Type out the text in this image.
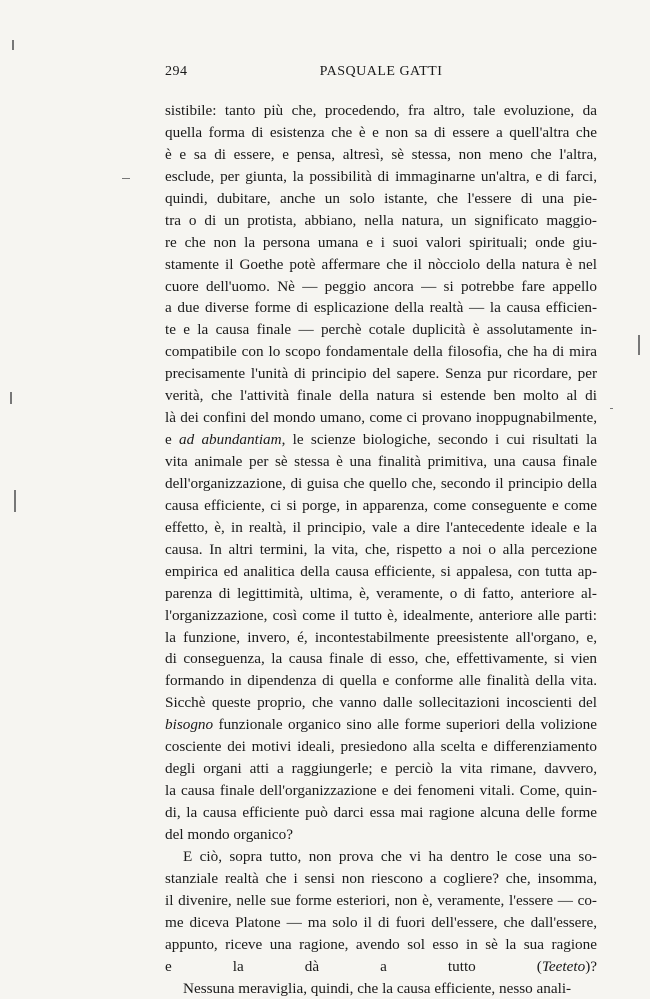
294	PASQUALE GATTI
sistibile: tanto più che, procedendo, fra altro, tale evoluzione, da
quella forma di esistenza che è e non sa di essere a quell'altra che
è e sa di essere, e pensa, altresì, sè stessa, non meno che l'altra,
esclude, per giunta, la possibilità di immaginarne un'altra, e di farci,
quindi, dubitare, anche un solo istante, che l'essere di una pie-
tra o di un protista, abbiano, nella natura, un significato maggio-
re che non la persona umana e i suoi valori spirituali; onde giu-
stamente il Goethe potè affermare che il nòcciolo della natura è nel
cuore dell'uomo. Nè — peggio ancora — si potrebbe fare appello
a due diverse forme di esplicazione della realtà — la causa efficien-
te e la causa finale — perchè cotale duplicità è assolutamente in-
compatibile con lo scopo fondamentale della filosofia, che ha di mira
precisamente l'unità di principio del sapere. Senza pur ricordare, per
verità, che l'attività finale della natura si estende ben molto al di
là dei confini del mondo umano, come ci provano inoppugnabilmente,
e ad abundantiam, le scienze biologiche, secondo i cui risultati la
vita animale per sè stessa è una finalità primitiva, una causa finale
dell'organizzazione, di guisa che quello che, secondo il principio della
causa efficiente, ci si porge, in apparenza, come conseguente e come
effetto, è, in realtà, il principio, vale a dire l'antecedente ideale e la
causa. In altri termini, la vita, che, rispetto a noi o alla percezione
empirica ed analitica della causa efficiente, si appalesa, con tutta ap-
parenza di legittimità, ultima, è, veramente, o di fatto, anteriore al-
l'organizzazione, così come il tutto è, idealmente, anteriore alle parti:
la funzione, invero, é, incontestabilmente preesistente all'organo, e,
di conseguenza, la causa finale di esso, che, effettivamente, si vien
formando in dipendenza di quella e conforme alle finalità della vita.
Sicchè queste proprio, che vanno dalle sollecitazioni incoscienti del
bisogno funzionale organico sino alle forme superiori della volizione
cosciente dei motivi ideali, presiedono alla scelta e differenziamento
degli organi atti a raggiungerle; e perciò la vita rimane, davvero,
la causa finale dell'organizzazione e dei fenomeni vitali. Come, quin-
di, la causa efficiente può darci essa mai ragione alcuna delle forme
del mondo organico?
E ciò, sopra tutto, non prova che vi ha dentro le cose una so-
stanziale realtà che i sensi non riescono a cogliere? che, insomma,
il divenire, nelle sue forme esteriori, non è, veramente, l'essere — co-
me diceva Platone — ma solo il di fuori dell'essere, che dall'essere,
appunto, riceve una ragione, avendo sol esso in sè la sua ragione
e la dà a tutto (Teeteto)?
Nessuna meraviglia, quindi, che la causa efficiente, nesso anali-
